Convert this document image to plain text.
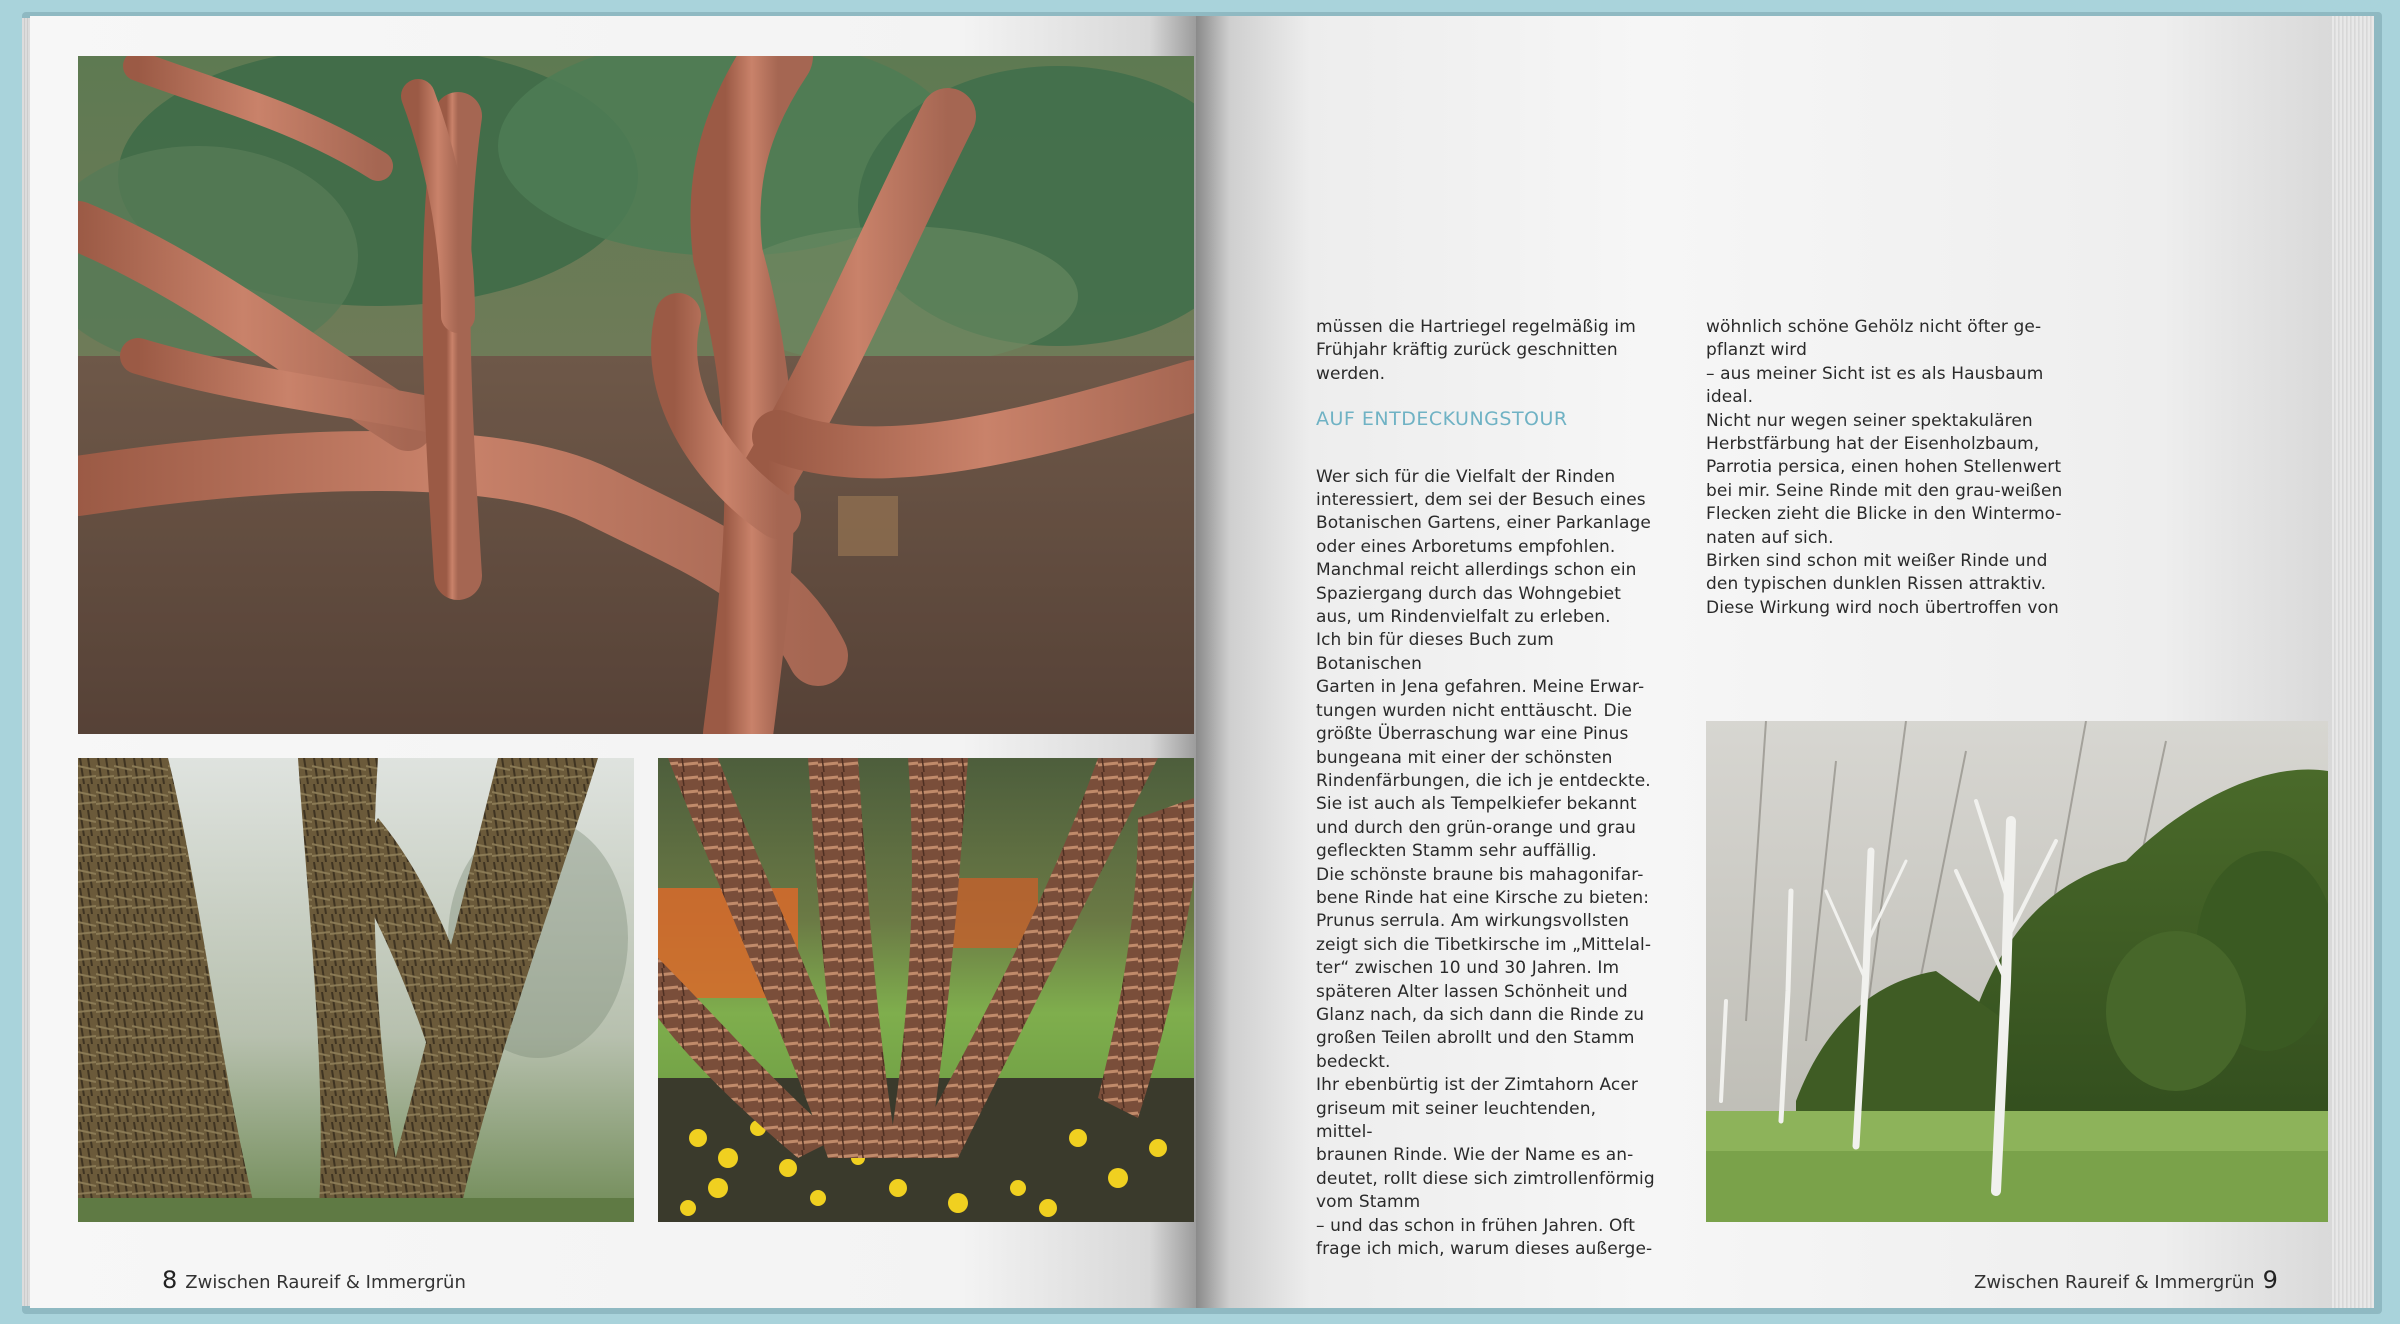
8 Zwischen Raureif & Immergrün

müssen die Hartriegel regelmäßig im
Frühjahr kräftig zurück geschnitten
werden.

AUF ENTDECKUNGSTOUR

Wer sich für die Vielfalt der Rinden
interessiert, dem sei der Besuch eines
Botanischen Gartens, einer Parkanlage
oder eines Arboretums empfohlen.
Manchmal reicht allerdings schon ein
Spaziergang durch das Wohngebiet
aus, um Rindenvielfalt zu erleben.
Ich bin für dieses Buch zum Botanischen
Garten in Jena gefahren. Meine Erwar-
tungen wurden nicht enttäuscht. Die
größte Überraschung war eine Pinus
bungeana mit einer der schönsten
Rindenfärbungen, die ich je entdeckte.
Sie ist auch als Tempelkiefer bekannt
und durch den grün-orange und grau
gefleckten Stamm sehr auffällig.
Die schönste braune bis mahagonifar-
bene Rinde hat eine Kirsche zu bieten:
Prunus serrula. Am wirkungsvollsten
zeigt sich die Tibetkirsche im „Mittelal-
ter“ zwischen 10 und 30 Jahren. Im
späteren Alter lassen Schönheit und
Glanz nach, da sich dann die Rinde zu
großen Teilen abrollt und den Stamm
bedeckt.
Ihr ebenbürtig ist der Zimtahorn Acer
griseum mit seiner leuchtenden, mittel-
braunen Rinde. Wie der Name es an-
deutet, rollt diese sich zimtrollenförmig
vom Stamm
– und das schon in frühen Jahren. Oft
frage ich mich, warum dieses außerge-

wöhnlich schöne Gehölz nicht öfter ge-
pflanzt wird
– aus meiner Sicht ist es als Hausbaum
ideal.
Nicht nur wegen seiner spektakulären
Herbstfärbung hat der Eisenholzbaum,
Parrotia persica, einen hohen Stellenwert
bei mir. Seine Rinde mit den grau-weißen
Flecken zieht die Blicke in den Wintermo-
naten auf sich.
Birken sind schon mit weißer Rinde und
den typischen dunklen Rissen attraktiv.
Diese Wirkung wird noch übertroffen von

Zwischen Raureif & Immergrün 9
